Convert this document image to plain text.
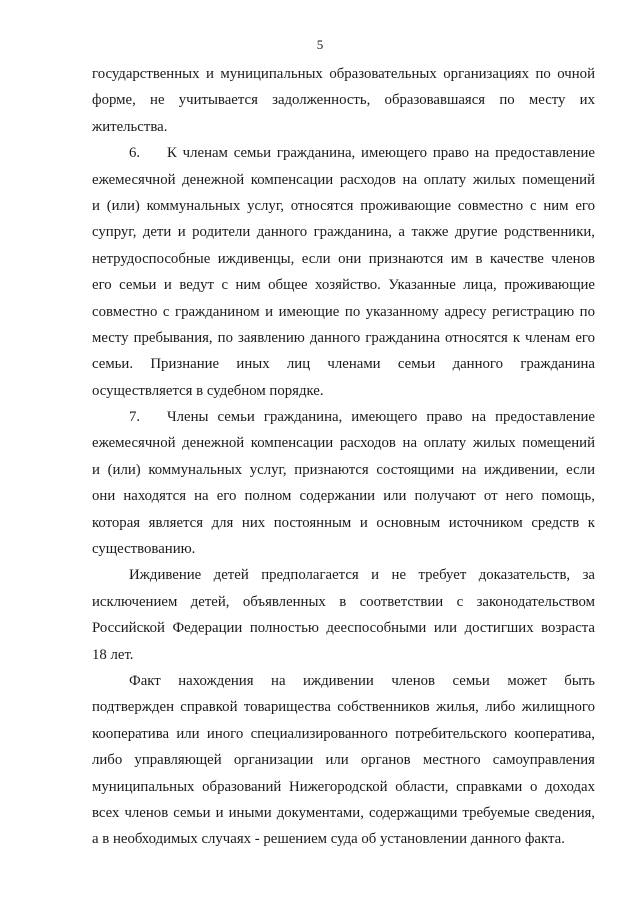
5
государственных и муниципальных образовательных организациях по очной
форме, не учитывается задолженность, образовавшаяся по месту их
жительства.
6.	К членам семьи гражданина, имеющего право на предоставление
ежемесячной денежной компенсации расходов на оплату жилых помещений
и (или) коммунальных услуг, относятся проживающие совместно с ним его
супруг, дети и родители данного гражданина, а также другие родственники,
нетрудоспособные иждивенцы, если они признаются им в качестве членов
его семьи и ведут с ним общее хозяйство. Указанные лица, проживающие
совместно с гражданином и имеющие по указанному адресу регистрацию по
месту пребывания, по заявлению данного гражданина относятся к членам его
семьи. Признание иных лиц членами семьи данного гражданина
осуществляется в судебном порядке.
7.	Члены семьи гражданина, имеющего право на предоставление
ежемесячной денежной компенсации расходов на оплату жилых помещений
и (или) коммунальных услуг, признаются состоящими на иждивении, если
они находятся на его полном содержании или получают от него помощь,
которая является для них постоянным и основным источником средств к
существованию.
Иждивение детей предполагается и не требует доказательств, за
исключением детей, объявленных в соответствии с законодательством
Российской Федерации полностью дееспособными или достигших возраста
18 лет.
Факт нахождения на иждивении членов семьи может быть
подтвержден справкой товарищества собственников жилья, либо жилищного
кооператива или иного специализированного потребительского кооператива,
либо управляющей организации или органов местного самоуправления
муниципальных образований Нижегородской области, справками о доходах
всех членов семьи и иными документами, содержащими требуемые сведения,
а в необходимых случаях - решением суда об установлении данного факта.
